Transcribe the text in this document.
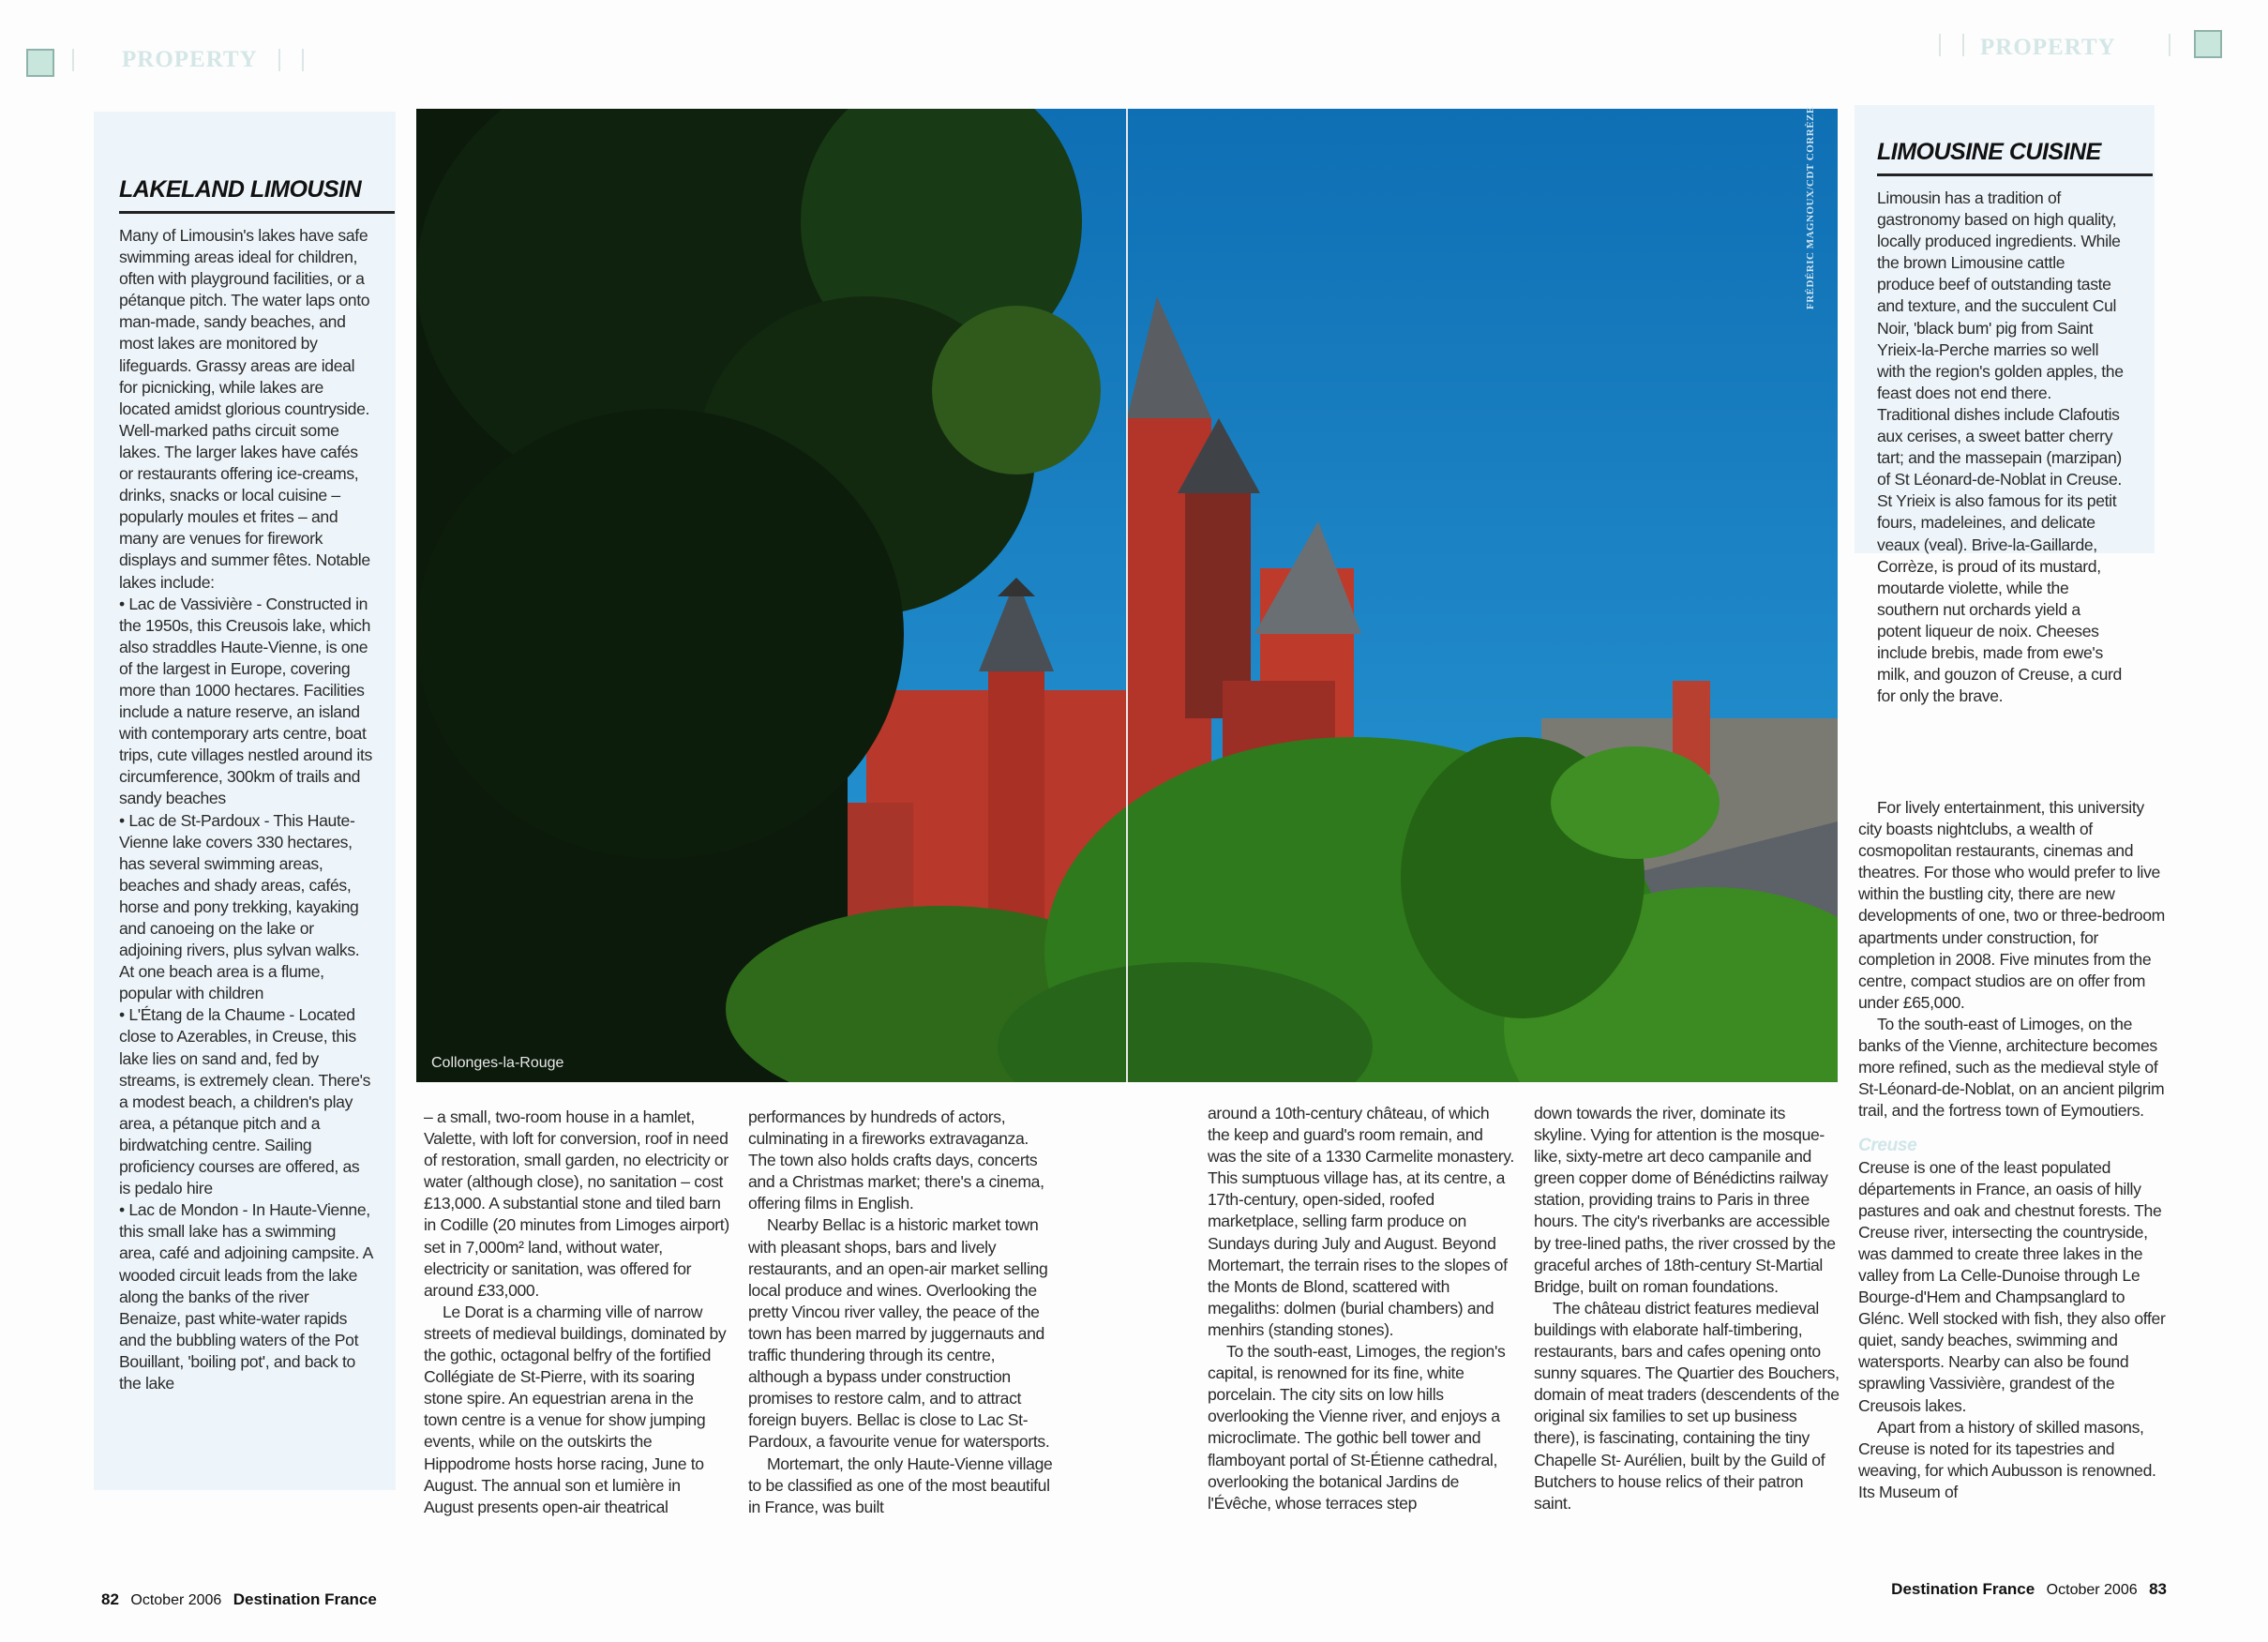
PROPERTY	PROPERTY
LAKELAND LIMOUSIN

Many of Limousin's lakes have safe swimming areas ideal for children, often with playground facilities, or a pétanque pitch. The water laps onto man-made, sandy beaches, and most lakes are monitored by lifeguards. Grassy areas are ideal for picnicking, while lakes are located amidst glorious countryside. Well-marked paths circuit some lakes. The larger lakes have cafés or restaurants offering ice-creams, drinks, snacks or local cuisine – popularly moules et frites – and many are venues for firework displays and summer fêtes. Notable lakes include:

• Lac de Vassivière - Constructed in the 1950s, this Creusois lake, which also straddles Haute-Vienne, is one of the largest in Europe, covering more than 1000 hectares. Facilities include a nature reserve, an island with contemporary arts centre, boat trips, cute villages nestled around its circumference, 300km of trails and sandy beaches

• Lac de St-Pardoux - This Haute-Vienne lake covers 330 hectares, has several swimming areas, beaches and shady areas, cafés, horse and pony trekking, kayaking and canoeing on the lake or adjoining rivers, plus sylvan walks. At one beach area is a flume, popular with children

• L'Étang de la Chaume - Located close to Azerables, in Creuse, this lake lies on sand and, fed by streams, is extremely clean. There's a modest beach, a children's play area, a pétanque pitch and a birdwatching centre. Sailing proficiency courses are offered, as is pedalo hire

• Lac de Mondon - In Haute-Vienne, this small lake has a swimming area, café and adjoining campsite. A wooded circuit leads from the lake along the banks of the river Benaize, past white-water rapids and the bubbling waters of the Pot Bouillant, 'boiling pot', and back to the lake

Collonges-la-Rouge
FRÉDÉRIC MAGNOUX/CDT CORRÈZE

– a small, two-room house in a hamlet, Valette, with loft for conversion, roof in need of restoration, small garden, no electricity or water (although close), no sanitation – cost £13,000. A substantial stone and tiled barn in Codille (20 minutes from Limoges airport) set in 7,000m² land, without water, electricity or sanitation, was offered for around £33,000.

Le Dorat is a charming ville of narrow streets of medieval buildings, dominated by the gothic, octagonal belfry of the fortified Collégiate de St-Pierre, with its soaring stone spire. An equestrian arena in the town centre is a venue for show jumping events, while on the outskirts the Hippodrome hosts horse racing, June to August. The annual son et lumière in August presents open-air theatrical

performances by hundreds of actors, culminating in a fireworks extravaganza. The town also holds crafts days, concerts and a Christmas market; there's a cinema, offering films in English.

Nearby Bellac is a historic market town with pleasant shops, bars and lively restaurants, and an open-air market selling local produce and wines. Overlooking the pretty Vincou river valley, the peace of the town has been marred by juggernauts and traffic thundering through its centre, although a bypass under construction promises to restore calm, and to attract foreign buyers. Bellac is close to Lac St-Pardoux, a favourite venue for watersports.

Mortemart, the only Haute-Vienne village to be classified as one of the most beautiful in France, was built

around a 10th-century château, of which the keep and guard's room remain, and was the site of a 1330 Carmelite monastery. This sumptuous village has, at its centre, a 17th-century, open-sided, roofed marketplace, selling farm produce on Sundays during July and August. Beyond Mortemart, the terrain rises to the slopes of the Monts de Blond, scattered with megaliths: dolmen (burial chambers) and menhirs (standing stones).

To the south-east, Limoges, the region's capital, is renowned for its fine, white porcelain. The city sits on low hills overlooking the Vienne river, and enjoys a microclimate. The gothic bell tower and flamboyant portal of St-Étienne cathedral, overlooking the botanical Jardins de l'Évêche, whose terraces step

down towards the river, dominate its skyline. Vying for attention is the mosque-like, sixty-metre art deco campanile and green copper dome of Bénédictins railway station, providing trains to Paris in three hours. The city's riverbanks are accessible by tree-lined paths, the river crossed by the graceful arches of 18th-century St-Martial Bridge, built on roman foundations.

The château district features medieval buildings with elaborate half-timbering, restaurants, bars and cafes opening onto sunny squares. The Quartier des Bouchers, domain of meat traders (descendents of the original six families to set up business there), is fascinating, containing the tiny Chapelle St- Aurélien, built by the Guild of Butchers to house relics of their patron saint.

LIMOUSINE CUISINE
Limousin has a tradition of gastronomy based on high quality, locally produced ingredients. While the brown Limousine cattle produce beef of outstanding taste and texture, and the succulent Cul Noir, 'black bum' pig from Saint Yrieix-la-Perche marries so well with the region's golden apples, the feast does not end there. Traditional dishes include Clafoutis aux cerises, a sweet batter cherry tart; and the massepain (marzipan) of St Léonard-de-Noblat in Creuse. St Yrieix is also famous for its petit fours, madeleines, and delicate veaux (veal). Brive-la-Gaillarde, Corrèze, is proud of its mustard, moutarde violette, while the southern nut orchards yield a potent liqueur de noix. Cheeses include brebis, made from ewe's milk, and gouzon of Creuse, a curd for only the brave.

For lively entertainment, this university city boasts nightclubs, a wealth of cosmopolitan restaurants, cinemas and theatres. For those who would prefer to live within the bustling city, there are new developments of one, two or three-bedroom apartments under construction, for completion in 2008. Five minutes from the centre, compact studios are on offer from under £65,000.

To the south-east of Limoges, on the banks of the Vienne, architecture becomes more refined, such as the medieval style of St-Léonard-de-Noblat, on an ancient pilgrim trail, and the fortress town of Eymoutiers.

Creuse

Creuse is one of the least populated départements in France, an oasis of hilly pastures and oak and chestnut forests. The Creuse river, intersecting the countryside, was dammed to create three lakes in the valley from La Celle-Dunoise through Le Bourge-d'Hem and Champsanglard to Glénc. Well stocked with fish, they also offer quiet, sandy beaches, swimming and watersports. Nearby can also be found sprawling Vassivière, grandest of the Creusois lakes.

Apart from a history of skilled masons, Creuse is noted for its tapestries and weaving, for which Aubusson is renowned. Its Museum of

82 October 2006 Destination France
Destination France October 2006 83
